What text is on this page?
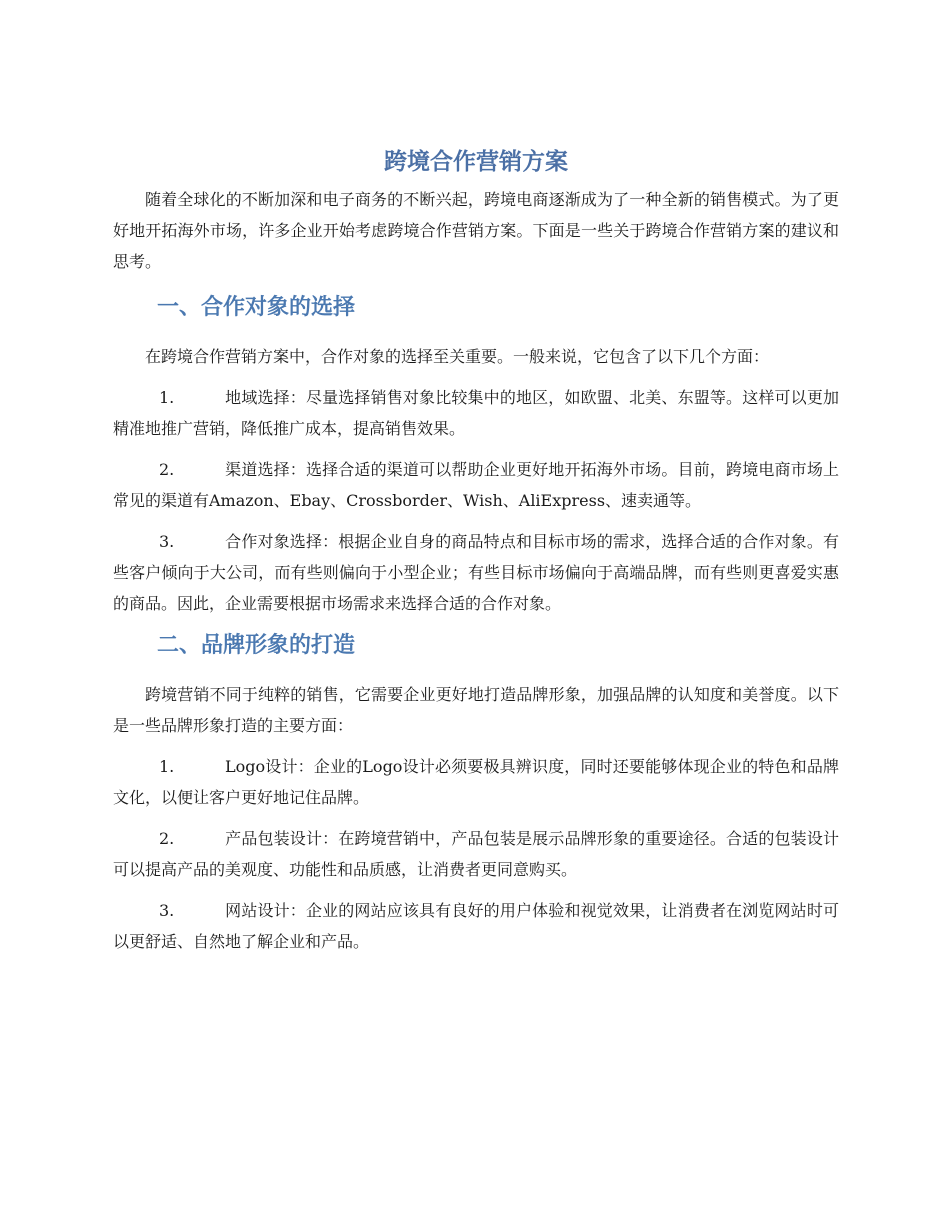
跨境合作营销方案

随着全球化的不断加深和电子商务的不断兴起，跨境电商逐渐成为了一种全新的销售模式。为了更好地开拓海外市场，许多企业开始考虑跨境合作营销方案。下面是一些关于跨境合作营销方案的建议和思考。

一、合作对象的选择

在跨境合作营销方案中，合作对象的选择至关重要。一般来说，它包含了以下几个方面：

1.	地域选择：尽量选择销售对象比较集中的地区，如欧盟、北美、东盟等。这样可以更加精准地推广营销，降低推广成本，提高销售效果。

2.	渠道选择：选择合适的渠道可以帮助企业更好地开拓海外市场。目前，跨境电商市场上常见的渠道有Amazon、Ebay、Crossborder、Wish、AliExpress、速卖通等。

3.	合作对象选择：根据企业自身的商品特点和目标市场的需求，选择合适的合作对象。有些客户倾向于大公司，而有些则偏向于小型企业；有些目标市场偏向于高端品牌，而有些则更喜爱实惠的商品。因此，企业需要根据市场需求来选择合适的合作对象。

二、品牌形象的打造

跨境营销不同于纯粹的销售，它需要企业更好地打造品牌形象，加强品牌的认知度和美誉度。以下是一些品牌形象打造的主要方面：

1.	Logo设计：企业的Logo设计必须要极具辨识度，同时还要能够体现企业的特色和品牌文化，以便让客户更好地记住品牌。

2.	产品包装设计：在跨境营销中，产品包装是展示品牌形象的重要途径。合适的包装设计可以提高产品的美观度、功能性和品质感，让消费者更同意购买。

3.	网站设计：企业的网站应该具有良好的用户体验和视觉效果，让消费者在浏览网站时可以更舒适、自然地了解企业和产品。
